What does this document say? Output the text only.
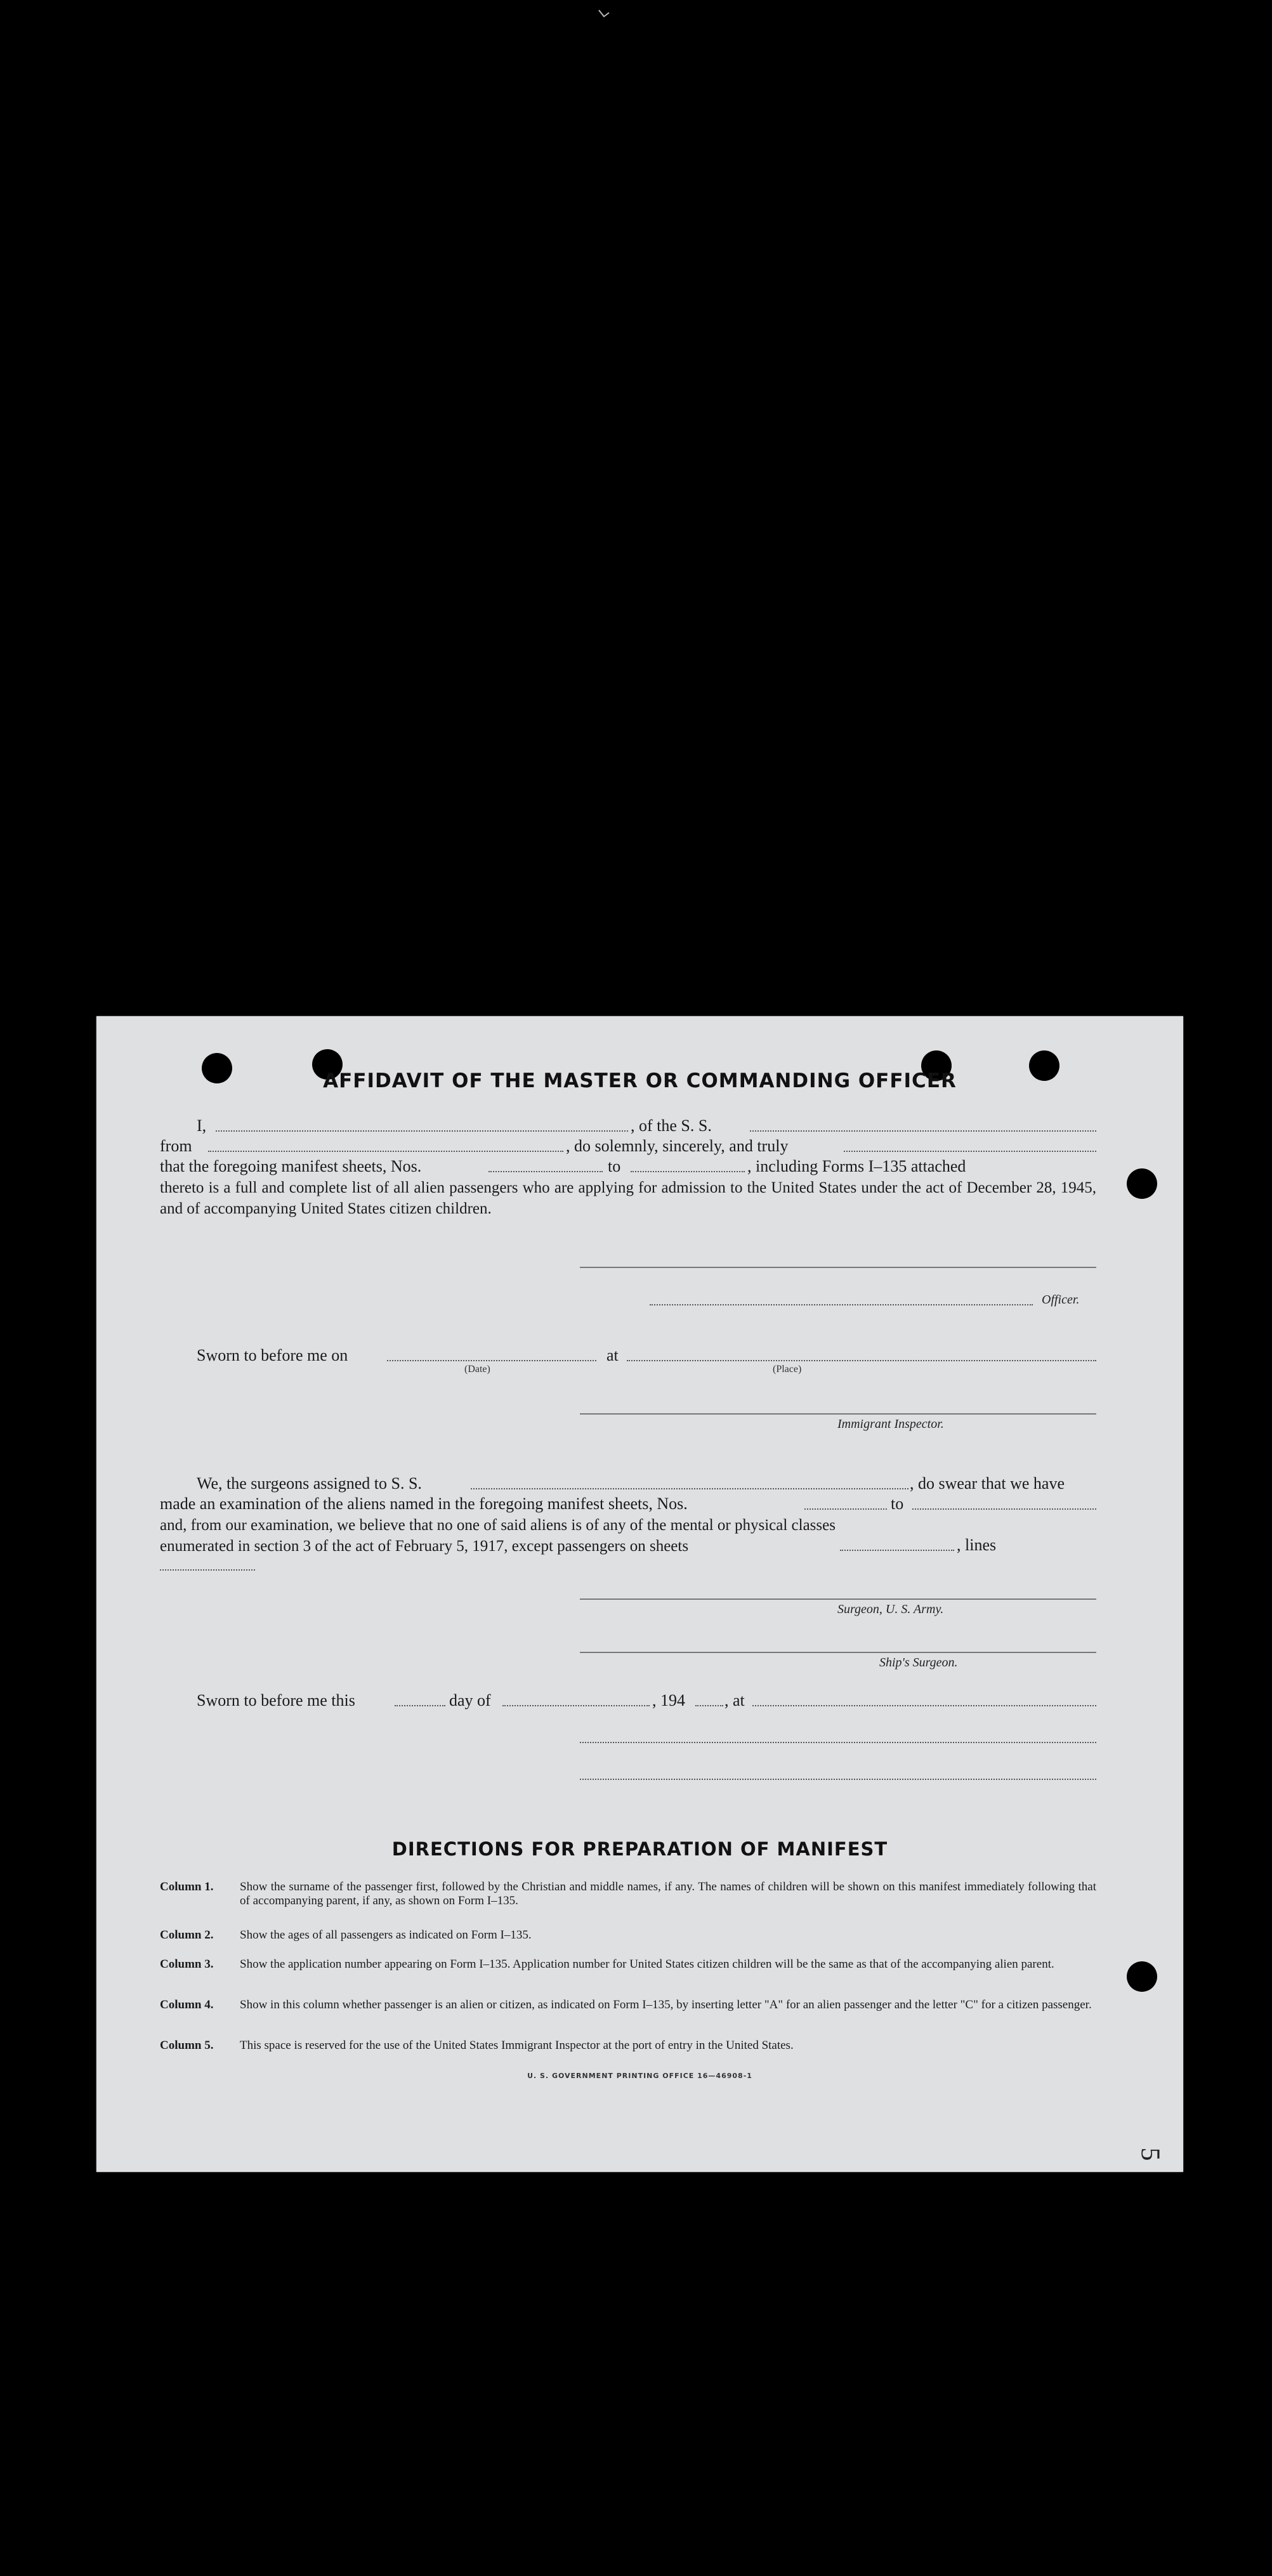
AFFIDAVIT OF THE MASTER OR COMMANDING OFFICER
I,	, of the S. S.
from	, do solemnly, sincerely, and truly
that the foregoing manifest sheets, Nos.	to	, including Forms I–135 attached
thereto is a full and complete list of all alien passengers who are applying for admission to the United States under the act of December 28, 1945, and of accompanying United States citizen children.
Officer.
Sworn to before me on
(Date)
at
(Place)
Immigrant Inspector.
We, the surgeons assigned to S. S.	, do swear that we have
made an examination of the aliens named in the foregoing manifest sheets, Nos.	to
and, from our examination, we believe that no one of said aliens is of any of the mental or physical classes enumerated in section 3 of the act of February 5, 1917, except passengers on sheets	, lines
Surgeon, U. S. Army.
Ship's Surgeon.
Sworn to before me this	day of	, 194 , at
DIRECTIONS FOR PREPARATION OF MANIFEST
Column 1. Show the surname of the passenger first, followed by the Christian and middle names, if any. The names of children will be shown on this manifest immediately following that of accompanying parent, if any, as shown on Form I–135.
Column 2. Show the ages of all passengers as indicated on Form I–135.
Column 3. Show the application number appearing on Form I–135. Application number for United States citizen children will be the same as that of the accompanying alien parent.
Column 4. Show in this column whether passenger is an alien or citizen, as indicated on Form I–135, by inserting letter "A" for an alien passenger and the letter "C" for a citizen passenger.
Column 5. This space is reserved for the use of the United States Immigrant Inspector at the port of entry in the United States.
U. S. GOVERNMENT PRINTING OFFICE 16—46908-1
5
